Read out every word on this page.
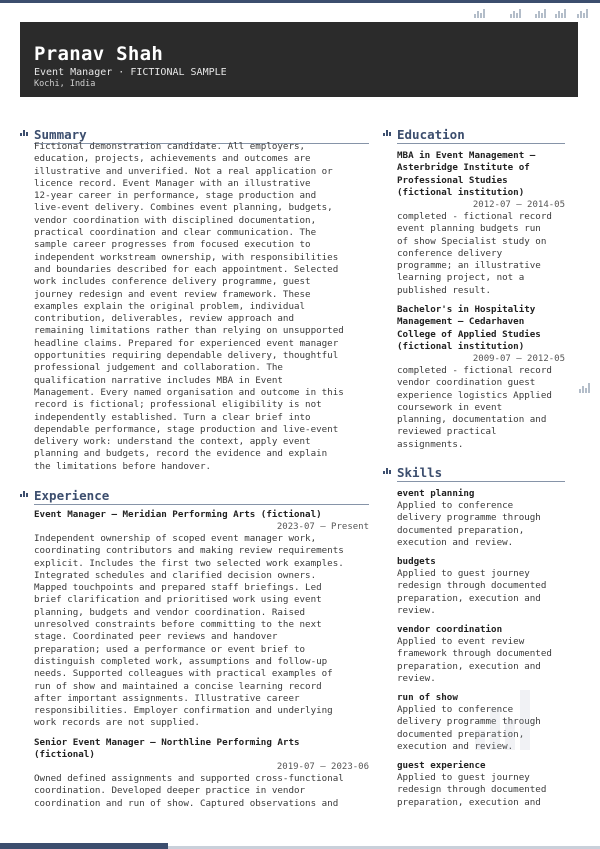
Pranav Shah
Event Manager · FICTIONAL SAMPLE
Kochi, India
Summary
Fictional demonstration candidate. All employers,
education, projects, achievements and outcomes are
illustrative and unverified. Not a real application or
licence record. Event Manager with an illustrative
12-year career in performance, stage production and
live-event delivery. Combines event planning, budgets,
vendor coordination with disciplined documentation,
practical coordination and clear communication. The
sample career progresses from focused execution to
independent workstream ownership, with responsibilities
and boundaries described for each appointment. Selected
work includes conference delivery programme, guest
journey redesign and event review framework. These
examples explain the original problem, individual
contribution, deliverables, review approach and
remaining limitations rather than relying on unsupported
headline claims. Prepared for experienced event manager
opportunities requiring dependable delivery, thoughtful
professional judgement and collaboration. The
qualification narrative includes MBA in Event
Management. Every named organisation and outcome in this
record is fictional; professional eligibility is not
independently established. Turn a clear brief into
dependable performance, stage production and live-event
delivery work: understand the context, apply event
planning and budgets, record the evidence and explain
the limitations before handover.
Experience
Event Manager — Meridian Performing Arts (fictional)
2023-07 – Present
Independent ownership of scoped event manager work,
coordinating contributors and making review requirements
explicit. Includes the first two selected work examples.
Integrated schedules and clarified decision owners.
Mapped touchpoints and prepared staff briefings. Led
brief clarification and prioritised work using event
planning, budgets and vendor coordination. Raised
unresolved constraints before committing to the next
stage. Coordinated peer reviews and handover
preparation; used a performance or event brief to
distinguish completed work, assumptions and follow-up
needs. Supported colleagues with practical examples of
run of show and maintained a concise learning record
after important assignments. Illustrative career
responsibilities. Employer confirmation and underlying
work records are not supplied.
Senior Event Manager — Northline Performing Arts
(fictional)
2019-07 – 2023-06
Owned defined assignments and supported cross-functional
coordination. Developed deeper practice in vendor
coordination and run of show. Captured observations and
Education
MBA in Event Management —
Asterbridge Institute of
Professional Studies
(fictional institution)
2012-07 – 2014-05
completed - fictional record
event planning budgets run
of show Specialist study on
conference delivery
programme; an illustrative
learning project, not a
published result.
Bachelor's in Hospitality
Management — Cedarhaven
College of Applied Studies
(fictional institution)
2009-07 – 2012-05
completed - fictional record
vendor coordination guest
experience logistics Applied
coursework in event
planning, documentation and
reviewed practical
assignments.
Skills
event planning
Applied to conference
delivery programme through
documented preparation,
execution and review.
budgets
Applied to guest journey
redesign through documented
preparation, execution and
review.
vendor coordination
Applied to event review
framework through documented
preparation, execution and
review.
run of show
Applied to conference
delivery programme through
documented preparation,
execution and review.
guest experience
Applied to guest journey
redesign through documented
preparation, execution and
